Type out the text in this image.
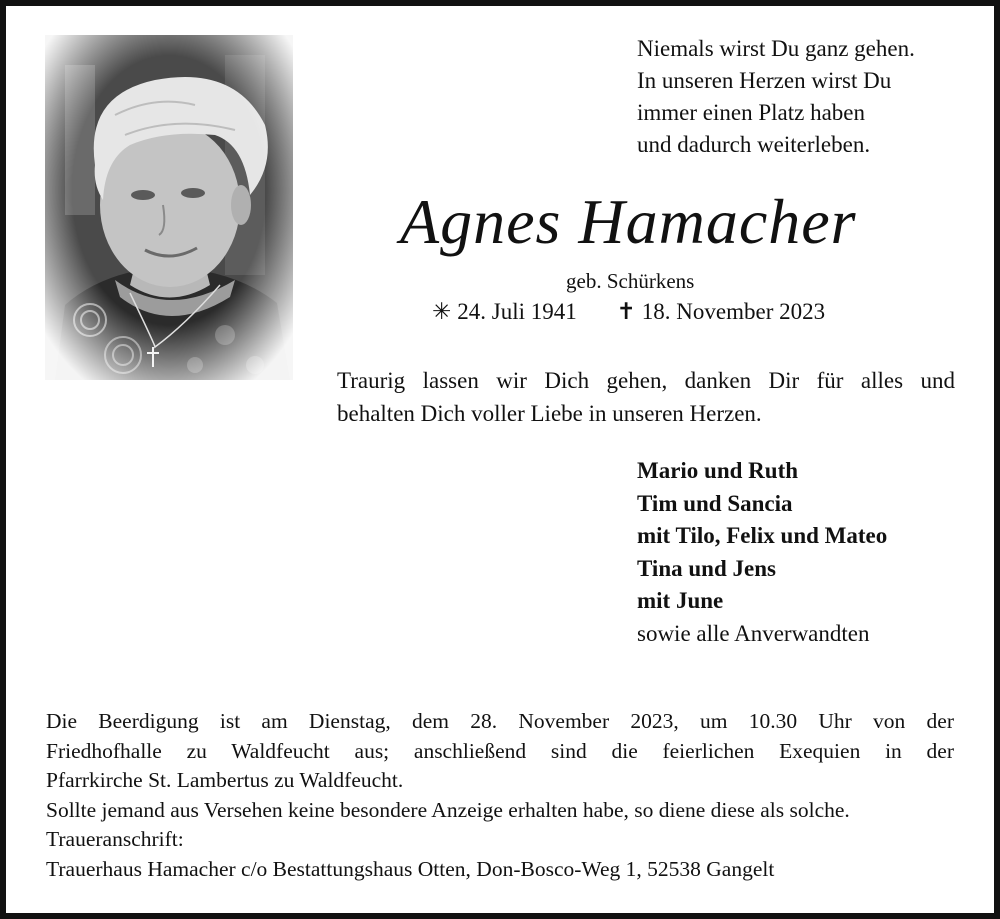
Niemals wirst Du ganz gehen.
In unseren Herzen wirst Du
immer einen Platz haben
und dadurch weiterleben.
Agnes Hamacher
geb. Schürkens
✳ 24. Juli 1941 ✝ 18. November 2023
Traurig lassen wir Dich gehen, danken Dir für alles und
behalten Dich voller Liebe in unseren Herzen.
Mario und Ruth
Tim und Sancia
mit Tilo, Felix und Mateo
Tina und Jens
mit June
sowie alle Anverwandten
Die Beerdigung ist am Dienstag, dem 28. November 2023, um 10.30 Uhr von der
Friedhofhalle zu Waldfeucht aus; anschließend sind die feierlichen Exequien in der
Pfarrkirche St. Lambertus zu Waldfeucht.
Sollte jemand aus Versehen keine besondere Anzeige erhalten habe, so diene diese als solche.
Traueranschrift:
Trauerhaus Hamacher c/o Bestattungshaus Otten, Don-Bosco-Weg 1, 52538 Gangelt
